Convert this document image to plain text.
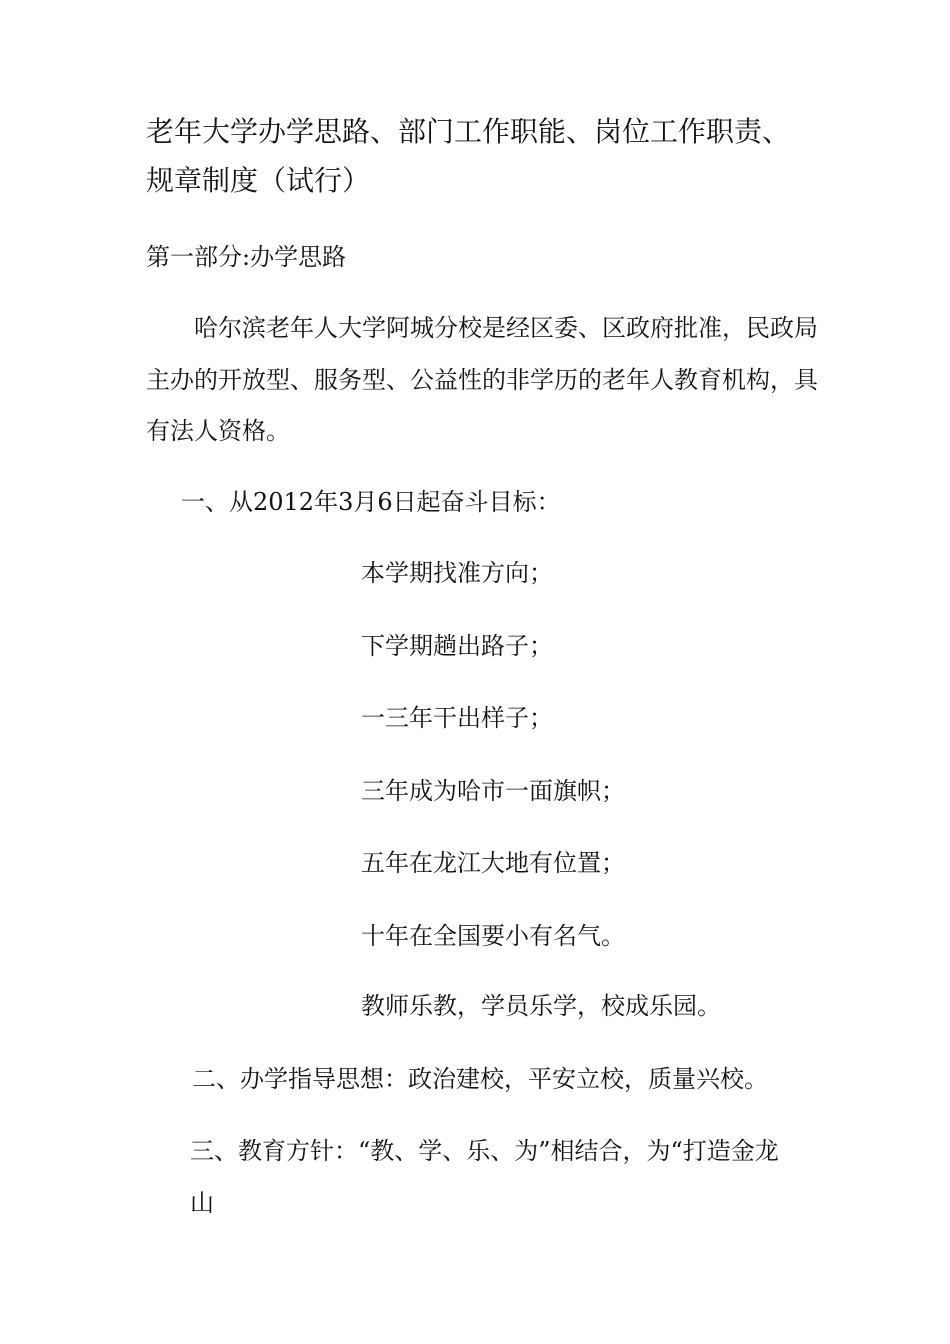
老年大学办学思路、部门工作职能、岗位工作职责、
规章制度（试行）

第一部分:办学思路

哈尔滨老年人大学阿城分校是经区委、区政府批准，民政局

主办的开放型、服务型、公益性的非学历的老年人教育机构，具

有法人资格。

一、从2012年3月6日起奋斗目标：

本学期找准方向；

下学期趟出路子；

一三年干出样子；

三年成为哈市一面旗帜；

五年在龙江大地有位置；

十年在全国要小有名气。

教师乐教，学员乐学，校成乐园。

二、办学指导思想：政治建校，平安立校，质量兴校。

三、教育方针：“教、学、乐、为”相结合，为“打造金龙

山
